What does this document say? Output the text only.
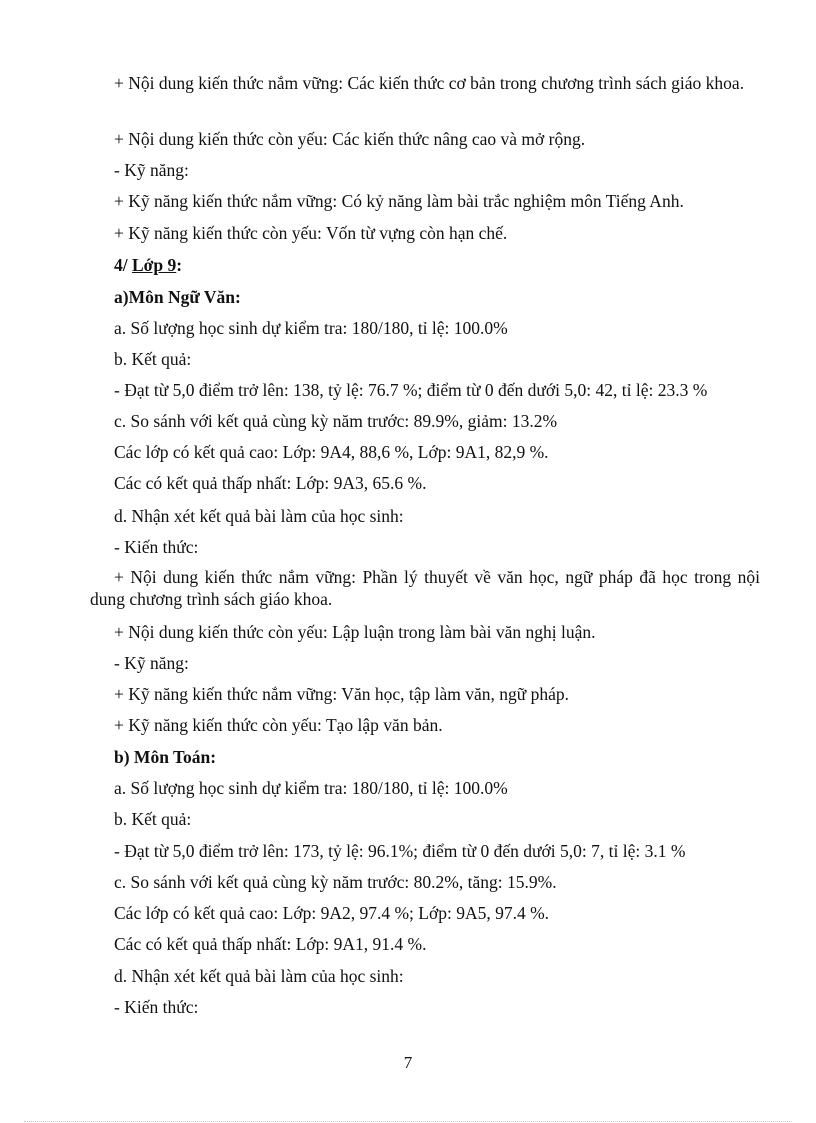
+ Nội dung kiến thức nắm vững: Các kiến thức cơ bản trong chương trình sách giáo khoa.
+ Nội dung kiến thức còn yếu: Các kiến thức nâng cao và mở rộng.
- Kỹ năng:
+ Kỹ năng kiến thức nắm vững: Có kỷ năng làm bài trắc nghiệm môn Tiếng Anh.
+ Kỹ năng kiến thức còn yếu: Vốn từ vựng còn hạn chế.
4/ Lớp 9:
a)Môn Ngữ Văn:
a. Số lượng học sinh dự kiểm tra: 180/180, tỉ lệ: 100.0%
b. Kết quả:
- Đạt từ 5,0 điểm trở lên: 138, tỷ lệ: 76.7 %; điểm từ 0 đến dưới 5,0: 42, tỉ lệ: 23.3 %
c. So sánh với kết quả cùng kỳ năm trước: 89.9%, giảm: 13.2%
Các lớp có kết quả cao: Lớp: 9A4, 88,6 %, Lớp: 9A1, 82,9 %.
Các có kết quả thấp nhất: Lớp: 9A3, 65.6 %.
d. Nhận xét kết quả bài làm của học sinh:
- Kiến thức:
+ Nội dung kiến thức nắm vững: Phần lý thuyết về văn học, ngữ pháp đã học trong nội dung chương trình sách giáo khoa.
+ Nội dung kiến thức còn yếu: Lập luận trong làm bài văn nghị luận.
- Kỹ năng:
+ Kỹ năng kiến thức nắm vững: Văn học, tập làm văn, ngữ pháp.
+ Kỹ năng kiến thức còn yếu: Tạo lập văn bản.
b) Môn Toán:
a. Số lượng học sinh dự kiểm tra: 180/180, tỉ lệ: 100.0%
b. Kết quả:
- Đạt từ 5,0 điểm trở lên: 173, tỷ lệ: 96.1%; điểm từ 0 đến dưới 5,0: 7, tỉ lệ: 3.1 %
c. So sánh với kết quả cùng kỳ năm trước: 80.2%, tăng: 15.9%.
Các lớp có kết quả cao: Lớp: 9A2, 97.4 %; Lớp: 9A5, 97.4 %.
Các có kết quả thấp nhất: Lớp: 9A1, 91.4 %.
d. Nhận xét kết quả bài làm của học sinh:
- Kiến thức:
7
